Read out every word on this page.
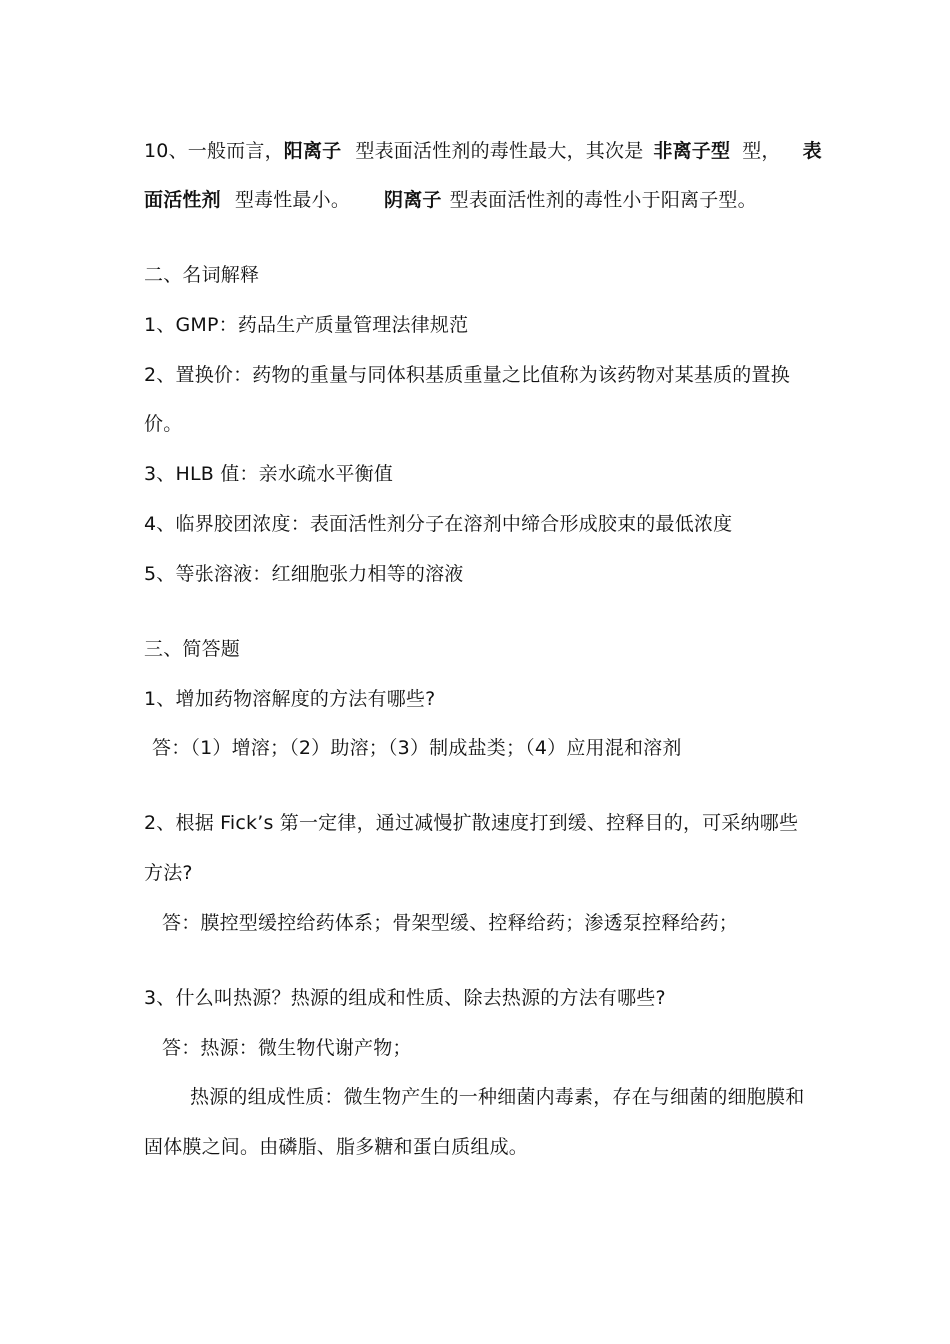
10、一般而言，阳离子 型表面活性剂的毒性最大，其次是 非离子型 型， 表
面活性剂 型毒性最小。 阴离子 型表面活性剂的毒性小于阳离子型。
二、名词解释
1、GMP：药品生产质量管理法律规范
2、置换价：药物的重量与同体积基质重量之比值称为该药物对某基质的置换
价。
3、HLB 值：亲水疏水平衡值
4、临界胶团浓度：表面活性剂分子在溶剂中缔合形成胶束的最低浓度
5、等张溶液：红细胞张力相等的溶液
三、简答题
1、增加药物溶解度的方法有哪些?
答：（1）增溶；（2）助溶；（3）制成盐类；（4）应用混和溶剂
2、根据 Fick’s 第一定律，通过减慢扩散速度打到缓、控释目的，可采纳哪些
方法?
答：膜控型缓控给药体系；骨架型缓、控释给药；渗透泵控释给药；
3、什么叫热源？热源的组成和性质、除去热源的方法有哪些?
答：热源：微生物代谢产物；
热源的组成性质：微生物产生的一种细菌内毒素，存在与细菌的细胞膜和
固体膜之间。由磷脂、脂多糖和蛋白质组成。
